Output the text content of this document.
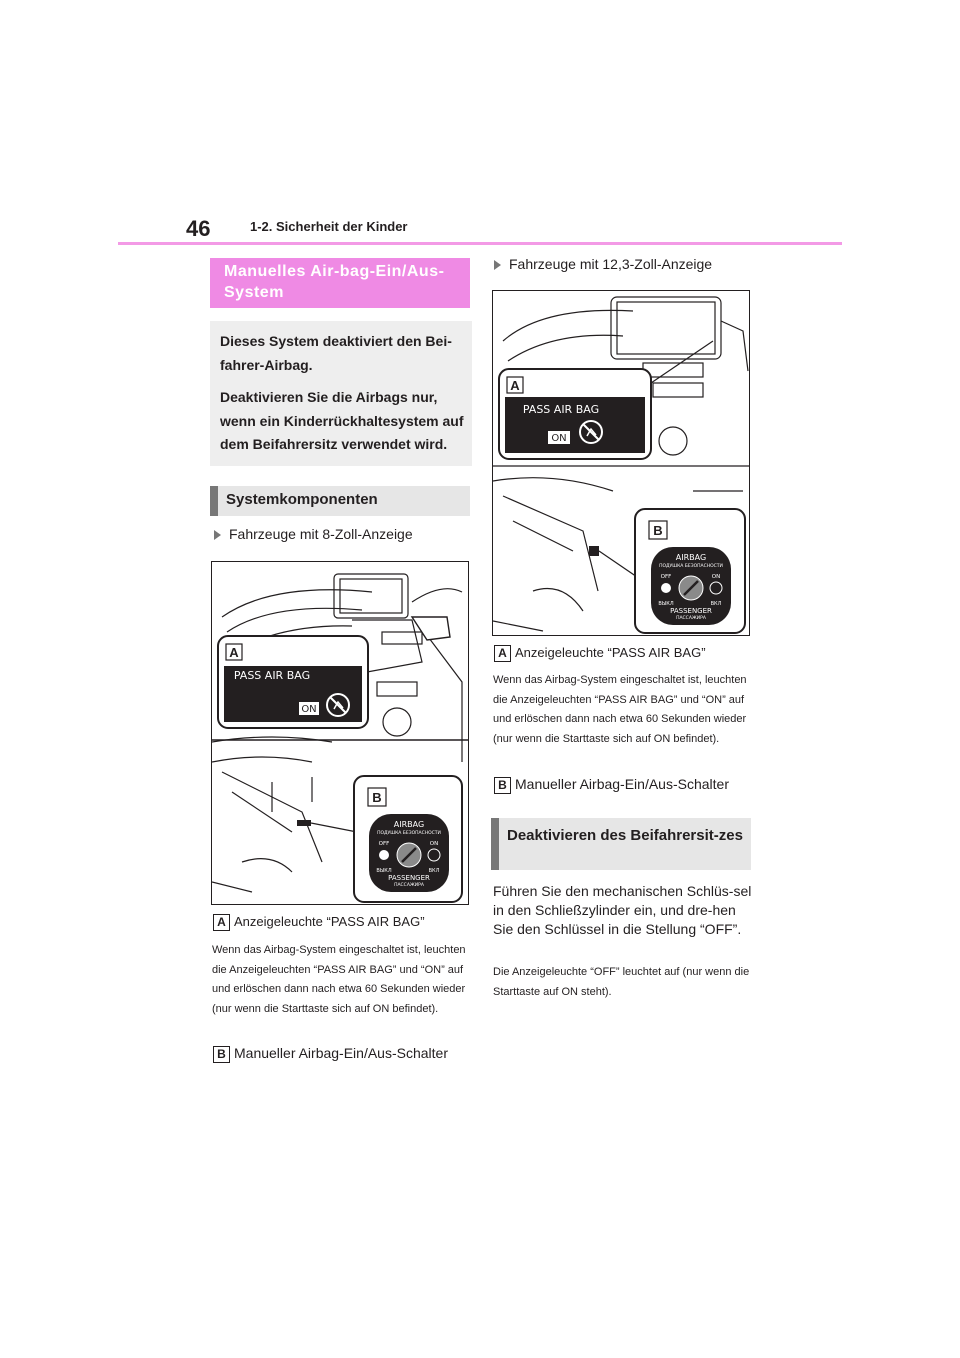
46	1-2. Sicherheit der Kinder
Manuelles Air-bag-Ein/Aus-System

Dieses System deaktiviert den Bei-fahrer-Airbag.

Deaktivieren Sie die Airbags nur, wenn ein Kinderrückhaltesystem auf dem Beifahrersitz verwendet wird.

Systemkomponenten
Fahrzeuge mit 8-Zoll-Anzeige
A
PASS AIR BAG
ON
B
AIRBAG
ПОДУШКА БЕЗОПАСНОСТИ
OFF	ON
ВЫКЛ	ВКЛ
PASSENGER
ПАССАЖИРА
A Anzeigeleuchte “PASS AIR BAG”
Wenn das Airbag-System eingeschaltet ist, leuchten die Anzeigeleuchten “PASS AIR BAG” und “ON” auf und erlöschen dann nach etwa 60 Sekunden wieder (nur wenn die Starttaste sich auf ON befindet).
B Manueller Airbag-Ein/Aus-Schalter
Fahrzeuge mit 12,3-Zoll-Anzeige
A
PASS AIR BAG
ON
B
AIRBAG
ПОДУШКА БЕЗОПАСНОСТИ
OFF	ON
ВЫКЛ	ВКЛ
PASSENGER
ПАССАЖИРА
A Anzeigeleuchte “PASS AIR BAG”
Wenn das Airbag-System eingeschaltet ist, leuchten die Anzeigeleuchten “PASS AIR BAG” und “ON” auf und erlöschen dann nach etwa 60 Sekunden wieder (nur wenn die Starttaste sich auf ON befindet).
B Manueller Airbag-Ein/Aus-Schalter
Deaktivieren des Beifahrersit-zes
Führen Sie den mechanischen Schlüs-sel in den Schließzylinder ein, und dre-hen Sie den Schlüssel in die Stellung “OFF”.
Die Anzeigeleuchte “OFF” leuchtet auf (nur wenn die Starttaste auf ON steht).
